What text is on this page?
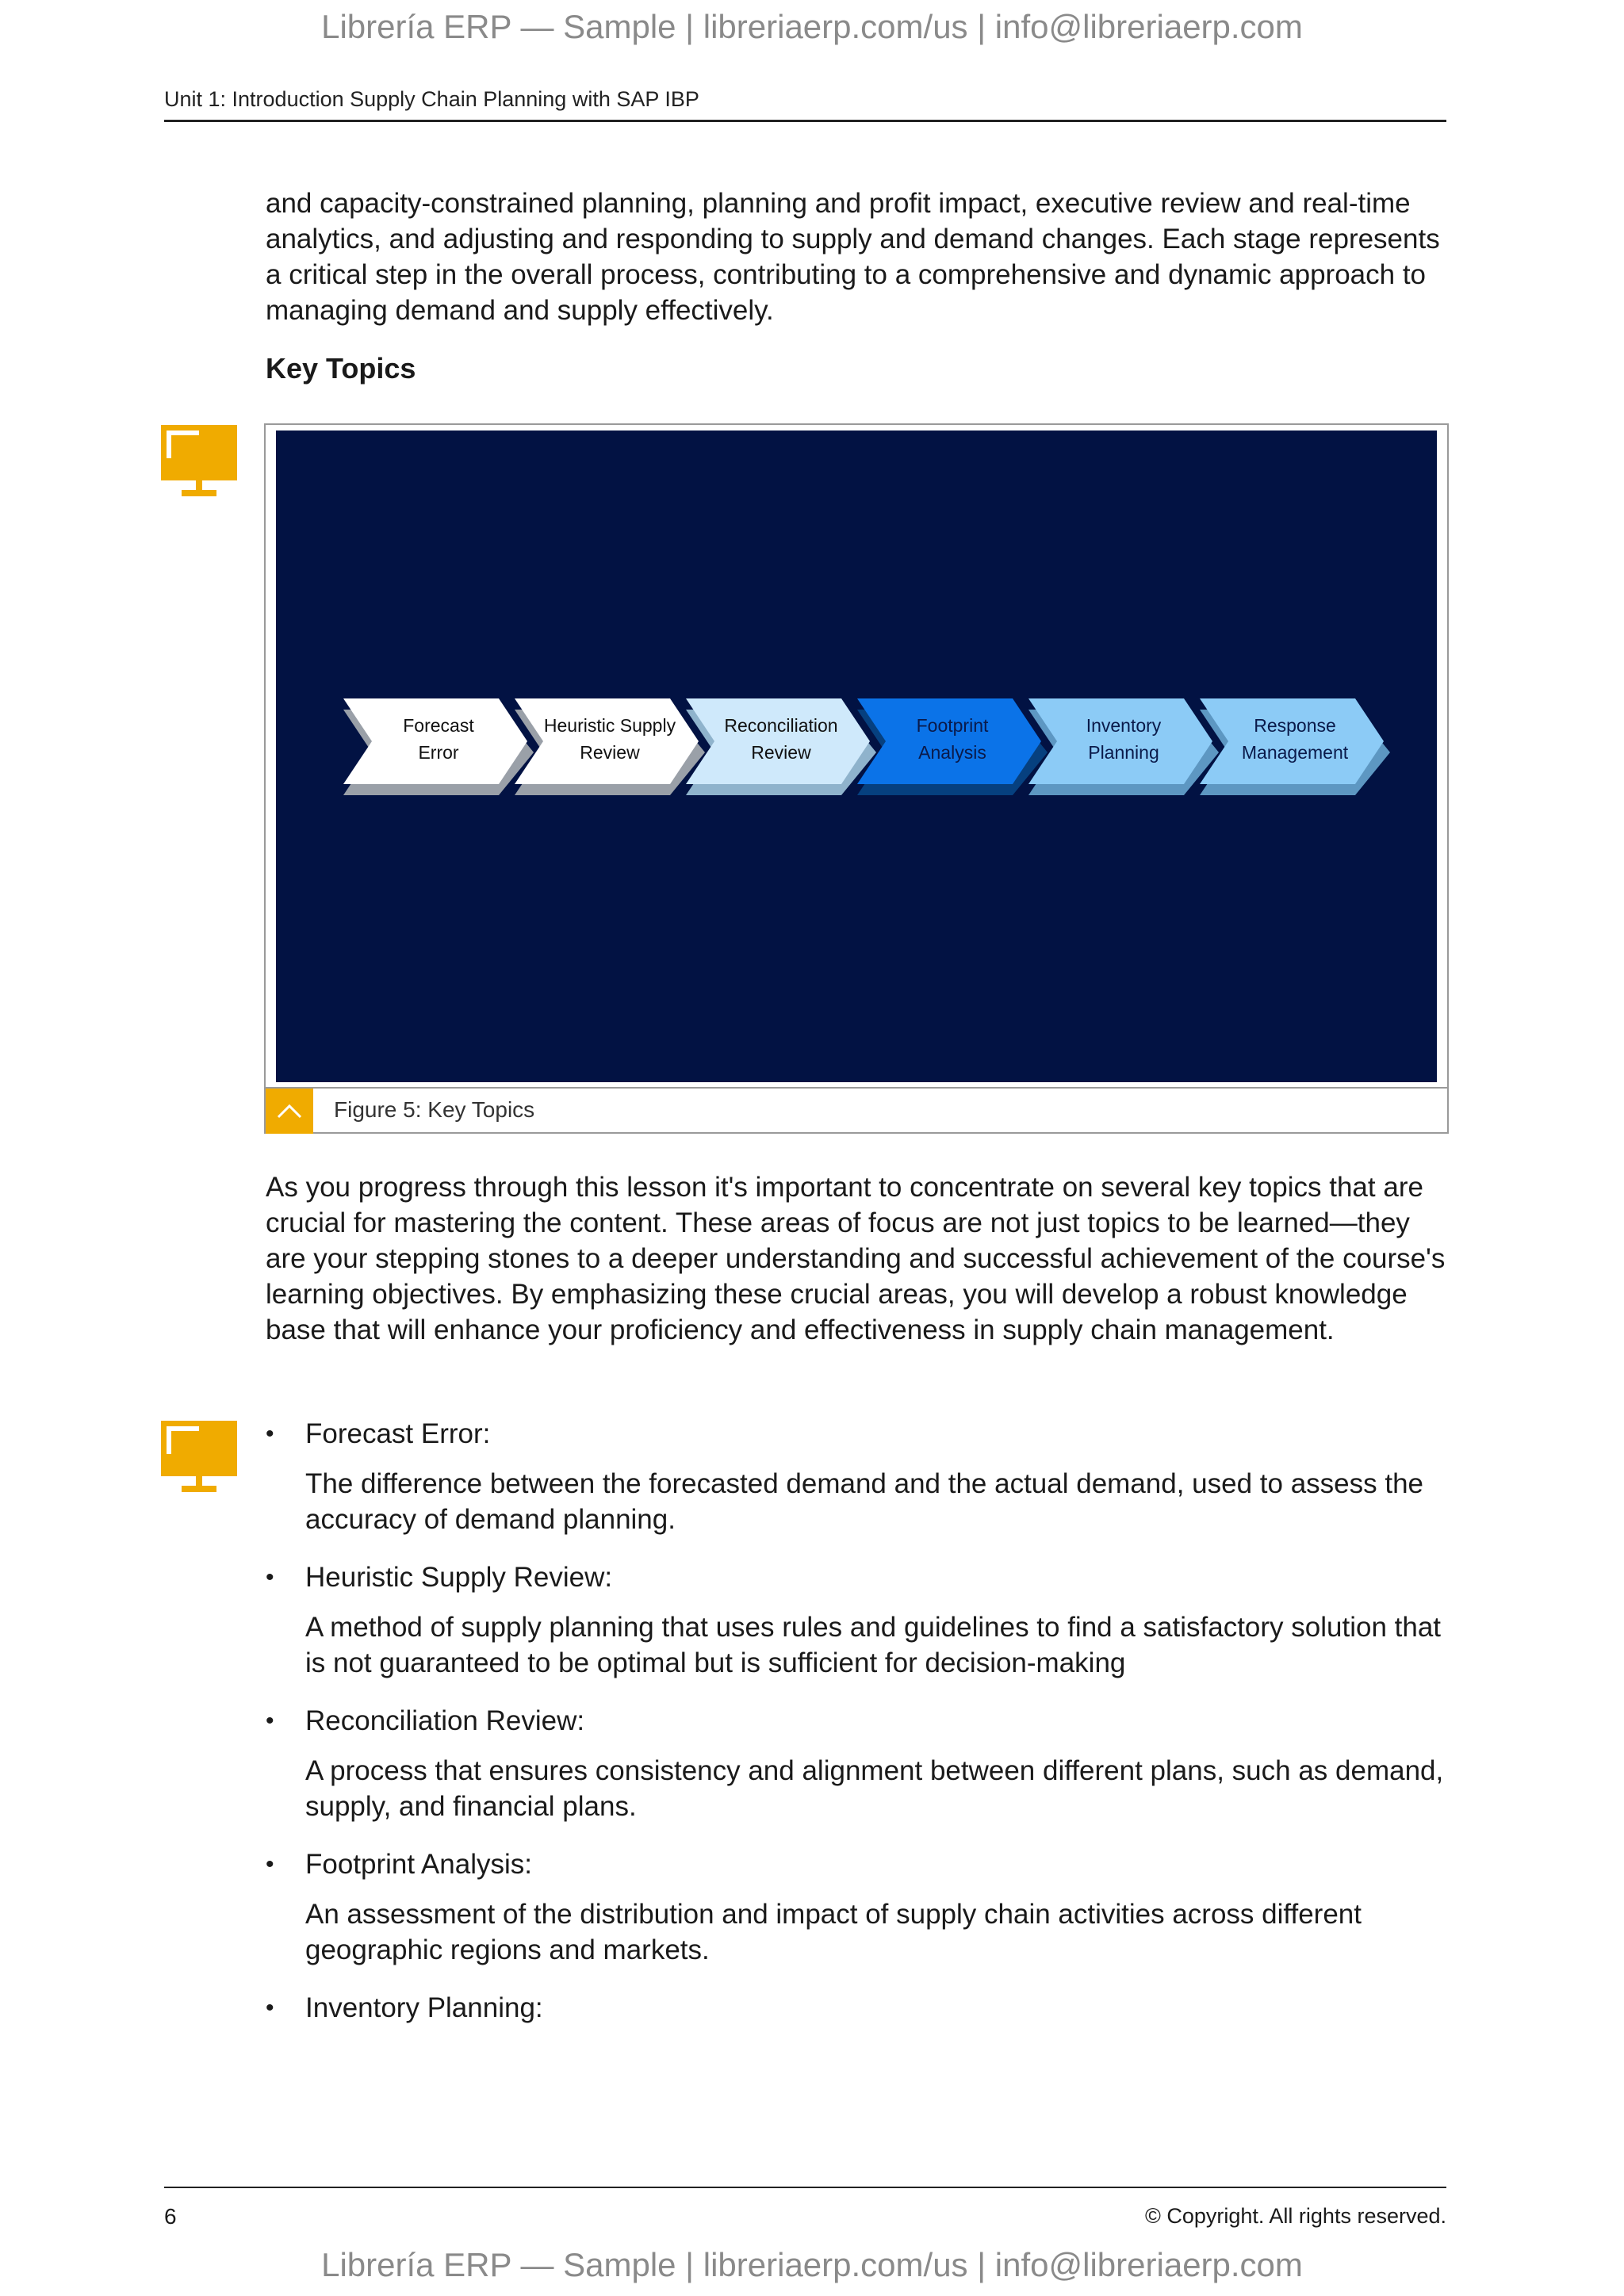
Librería ERP — Sample | libreriaerp.com/us | info@libreriaerp.com
Unit 1: Introduction Supply Chain Planning with SAP IBP

and capacity-constrained planning, planning and profit impact, executive review and real-time analytics, and adjusting and responding to supply and demand changes. Each stage represents a critical step in the overall process, contributing to a comprehensive and dynamic approach to managing demand and supply effectively.

Key Topics
Forecast
Error
Heuristic Supply
Review
Reconciliation
Review
Footprint
Analysis
Inventory
Planning
Response
Management
Figure 5: Key Topics

As you progress through this lesson it's important to concentrate on several key topics that are crucial for mastering the content. These areas of focus are not just topics to be learned—they are your stepping stones to a deeper understanding and successful achievement of the course's learning objectives. By emphasizing these crucial areas, you will develop a robust knowledge base that will enhance your proficiency and effectiveness in supply chain management.

• Forecast Error:
The difference between the forecasted demand and the actual demand, used to assess the accuracy of demand planning.
• Heuristic Supply Review:
A method of supply planning that uses rules and guidelines to find a satisfactory solution that is not guaranteed to be optimal but is sufficient for decision-making
• Reconciliation Review:
A process that ensures consistency and alignment between different plans, such as demand, supply, and financial plans.
• Footprint Analysis:
An assessment of the distribution and impact of supply chain activities across different geographic regions and markets.
• Inventory Planning:
6	© Copyright. All rights reserved.
Librería ERP — Sample | libreriaerp.com/us | info@libreriaerp.com
